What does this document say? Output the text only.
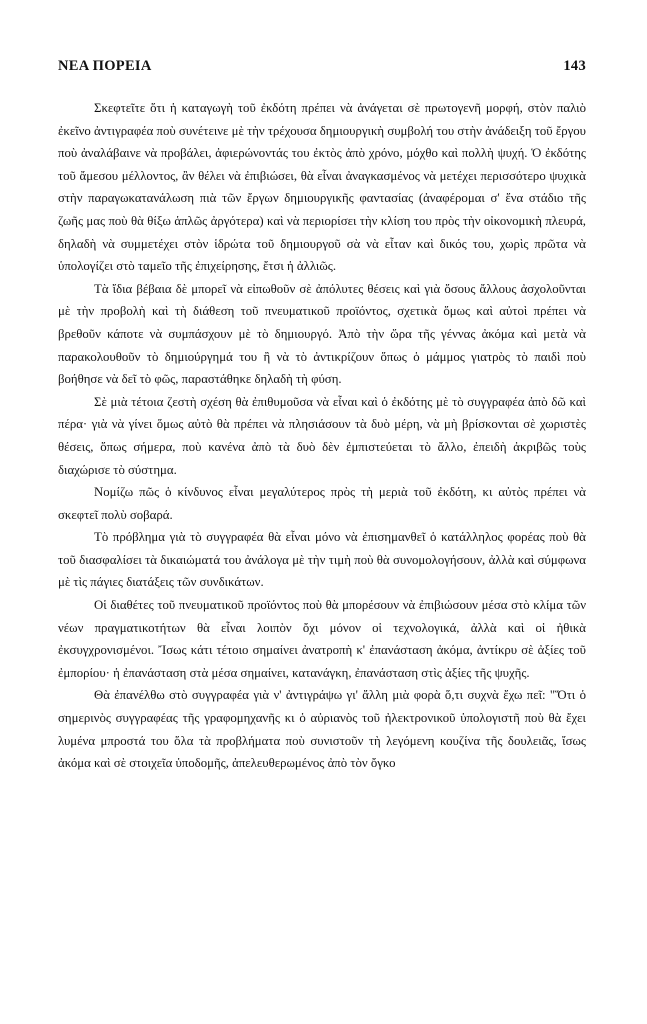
ΝΕΑ ΠΟΡΕΙΑ	143

Σκεφτεῖτε ὅτι ἡ καταγωγὴ τοῦ ἐκδότη πρέπει νὰ ἀνάγεται σὲ πρωτογενῆ μορφή, στὸν παλιὸ ἐκεῖνο ἀντιγραφέα ποὺ συνέτεινε μὲ τὴν τρέχουσα δημιουργικὴ συμβολή του στὴν ἀνάδειξη τοῦ ἔργου ποὺ ἀναλάβαινε νὰ προβάλει, ἀφιερώνοντάς του ἐκτὸς ἀπὸ χρόνο, μόχθο καὶ πολλὴ ψυχή. Ὁ ἐκδότης τοῦ ἄμεσου μέλλοντος, ἂν θέλει νὰ ἐπιβιώσει, θὰ εἶναι ἀναγκασμένος νὰ μετέχει περισσότερο ψυχικὰ στὴν παραγωκατανάλωση πιὰ τῶν ἔργων δημιουργικῆς φαντασίας (ἀναφέρομαι σ' ἕνα στάδιο τῆς ζωῆς μας ποὺ θὰ θίξω ἁπλῶς ἀργότερα) καὶ νὰ περιορίσει τὴν κλίση του πρὸς τὴν οἰκονομικὴ πλευρά, δηλαδὴ νὰ συμμετέχει στὸν ἱδρώτα τοῦ δημιουργοῦ σὰ νὰ εἶταν καὶ δικός του, χωρὶς πρῶτα νὰ ὑπολογίζει στὸ ταμεῖο τῆς ἐπιχείρησης, ἔτσι ἡ ἀλλιῶς.

Τὰ ἴδια βέβαια δὲ μπορεῖ νὰ εἰπωθοῦν σὲ ἀπόλυτες θέσεις καὶ γιὰ ὅσους ἄλλους ἀσχολοῦνται μὲ τὴν προβολὴ καὶ τὴ διάθεση τοῦ πνευματικοῦ προϊόντος, σχετικὰ ὅμως καὶ αὐτοὶ πρέπει νὰ βρεθοῦν κάποτε νὰ συμπάσχουν μὲ τὸ δημιουργό. Ἀπὸ τὴν ὥρα τῆς γέννας ἀκόμα καὶ μετὰ νὰ παρακολουθοῦν τὸ δημιούργημά του ἢ νὰ τὸ ἀντικρίζουν ὅπως ὁ μάμμος γιατρὸς τὸ παιδὶ ποὺ βοήθησε νὰ δεῖ τὸ φῶς, παραστάθηκε δηλαδὴ τὴ φύση.

Σὲ μιὰ τέτοια ζεστὴ σχέση θὰ ἐπιθυμοῦσα νὰ εἶναι καὶ ὁ ἐκδότης μὲ τὸ συγγραφέα ἀπὸ δῶ καὶ πέρα· γιὰ νὰ γίνει ὅμως αὐτὸ θὰ πρέπει νὰ πλησιάσουν τὰ δυὸ μέρη, νὰ μὴ βρίσκονται σὲ χωριστὲς θέσεις, ὅπως σήμερα, ποὺ κανένα ἀπὸ τὰ δυὸ δὲν ἐμπιστεύεται τὸ ἄλλο, ἐπειδὴ ἀκριβῶς τοὺς διαχώρισε τὸ σύστημα.

Νομίζω πῶς ὁ κίνδυνος εἶναι μεγαλύτερος πρὸς τὴ μεριὰ τοῦ ἐκδότη, κι αὐτὸς πρέπει νὰ σκεφτεῖ πολὺ σοβαρά.

Τὸ πρόβλημα γιὰ τὸ συγγραφέα θὰ εἶναι μόνο νὰ ἐπισημανθεῖ ὁ κατάλληλος φορέας ποὺ θὰ τοῦ διασφαλίσει τὰ δικαιώματά του ἀνάλογα μὲ τὴν τιμὴ ποὺ θὰ συνομολογήσουν, ἀλλὰ καὶ σύμφωνα μὲ τὶς πάγιες διατάξεις τῶν συνδικάτων.

Οἱ διαθέτες τοῦ πνευματικοῦ προϊόντος ποὺ θὰ μπορέσουν νὰ ἐπιβιώσουν μέσα στὸ κλίμα τῶν νέων πραγματικοτήτων θὰ εἶναι λοιπὸν ὄχι μόνον οἱ τεχνολογικά, ἀλλὰ καὶ οἱ ἠθικὰ ἐκσυγχρονισμένοι. Ἴσως κάτι τέτοιο σημαίνει ἀνατροπὴ κ' ἐπανάσταση ἀκόμα, ἀντίκρυ σὲ ἀξίες τοῦ ἐμπορίου· ἡ ἐπανάσταση στὰ μέσα σημαίνει, κατανάγκη, ἐπανάσταση στὶς ἀξίες τῆς ψυχῆς.

Θὰ ἐπανέλθω στὸ συγγραφέα γιὰ ν' ἀντιγράψω γι' ἄλλη μιὰ φορὰ ὅ,τι συχνὰ ἔχω πεῖ: "Ὅτι ὁ σημερινὸς συγγραφέας τῆς γραφομηχανῆς κι ὁ αὐριανὸς τοῦ ἠλεκτρονικοῦ ὑπολογιστῆ ποὺ θὰ ἔχει λυμένα μπροστά του ὅλα τὰ προβλήματα ποὺ συνιστοῦν τὴ λεγόμενη κουζίνα τῆς δουλειᾶς, ἴσως ἀκόμα καὶ σὲ στοιχεῖα ὑποδομῆς, ἀπελευθερωμένος ἀπὸ τὸν ὄγκο
